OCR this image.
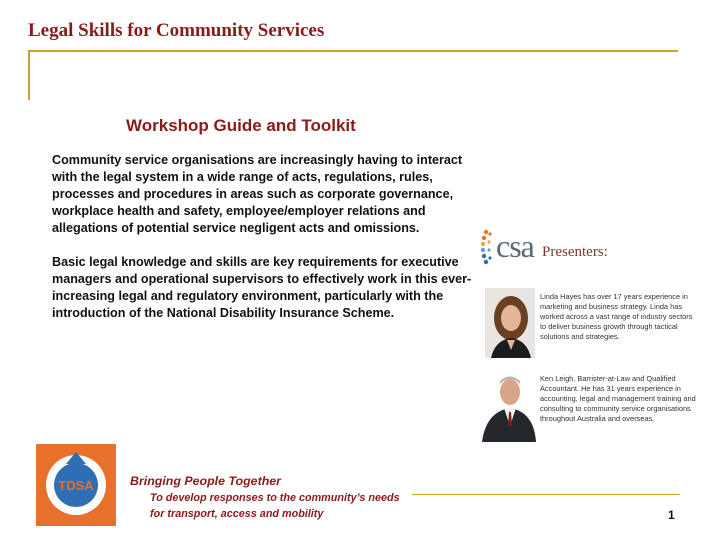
Legal Skills for Community Services
Workshop Guide and Toolkit

Community service organisations are increasingly having to interact with the legal system in a wide range of acts, regulations, rules, processes and procedures in areas such as corporate governance, workplace health and safety, employee/employer relations and allegations of potential service negligent acts and omissions.

Basic legal knowledge and skills are key requirements for executive managers and operational supervisors to effectively work in this ever-increasing legal and regulatory environment, particularly with the introduction of the National Disability Insurance Scheme.

csa Presenters:
Linda Hayes has over 17 years experience in marketing and business strategy. Linda has worked across a vast range of industry sectors to deliver business growth through tactical solutions and strategies.
Ken Leigh, Barrister-at-Law and Qualified Accountant. He has 31 years experience in accounting, legal and management training and consulting to community service organisations throughout Australia and overseas.
TDSA	Bringing People Together
To develop responses to the community’s needs for transport, access and mobility	1
